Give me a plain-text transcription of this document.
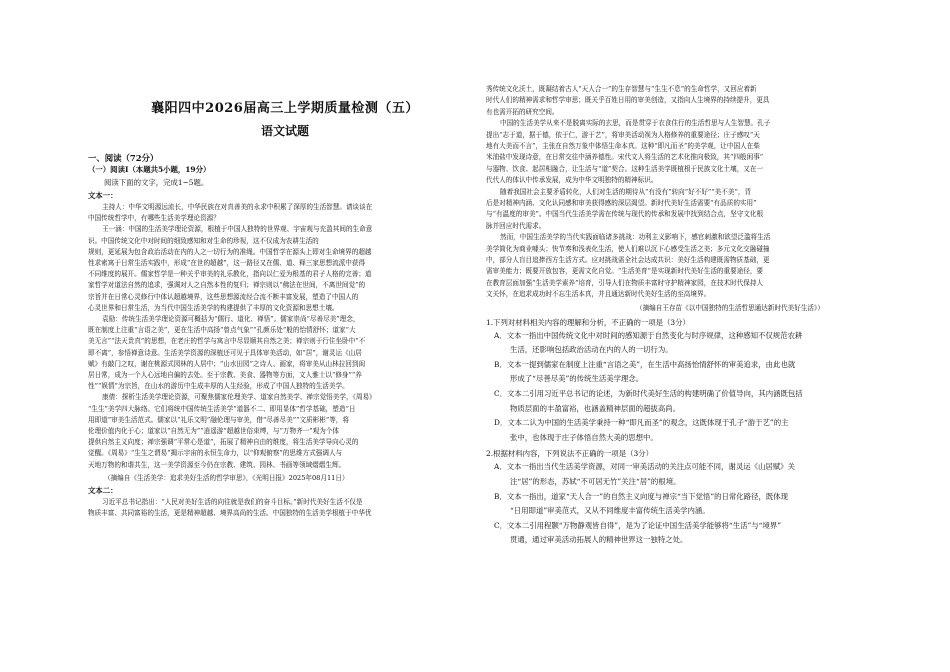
襄阳四中2026届高三上学期质量检测（五）
语文试题
一、阅读（72分）
（一）阅读Ⅰ（本题共5小题，19分）
阅读下面的文字，完成1~5题。
文本一：
主持人：中华文明源远流长，中华民族在对真善美的永求中积累了深厚的生活智慧。请谈谈在
中国传统哲学中，有哪些生活美学理论资源？
王一涵：中国的生活美学理论资源，根植于中国人独特的世界观、宇宙观与充盈其间的生命意
识。中国传统文化中对时间的细致感知和对生命的珍视，这不仅成为农耕生活的
规则，更延展为包含政治活动在内的人之一切行为的准绳。中国哲学在源头上即对生命境界的超越
性求索寓于日常生活实践中，形成“在世的超越”，这一路径又在儒、道、释三家思想流派中获得
不同维度的展开。儒家哲学是一种关乎审美的礼乐教化，指向以仁爱为根基的君子人格的完善；道
家哲学对道法自然的追求，强调对人之自然本性的复归；禅宗则以“佛法在世间，不离世间觉”的
宗旨并在日常心灵修行中体认超越境界，这些思想源流经合流不断丰富发展，塑造了中国人的
心灵世界和日常生活，为当代中国生活美学的构建提供了丰厚的文化资源和思想土壤。
袁励：传统生活美学理论资源可概括为“儒行、道化、禅悟”。儒家崇尚“尽善尽美”理念，
既在制度上注重“言语之美”，更在生活中高扬“曾点气象”“孔颜乐处”般的怡情舒怀；道家“大
美无言”“法天贵真”的思想，在老庄的哲学与寓言中尽显顺其自然之美；禅宗则于行住坐卧中“不
即不离”，参悟禅意诗意。生活美学资源的深植还可见于具体审美活动，如“居”，谢灵运《山居
赋》有敲门之叹，谢在桃源式园林的人居中；“山水田园”之诗人、画家，将审美从山林拉回到闺
居日常，成为一个人心远地自偏的去处。至于宗教、美食、器物等方面，文人雅士以“修身”“养
性”“娱情”为宗旨，在山水的游历中生成丰厚的人生经验，形成了中国人独特的生活美学。
康倩：探析生活美学理论资源，可聚焦儒家伦理美学、道家自然美学、禅宗觉悟美学，《周易》
“生生”美学四大脉络。它们将统中国传统生活美学“道器不二、即用显体”哲学基础，塑造“日
用即道”审美生活范式。儒家以“礼乐文明”融伦理与审美，借“尽善尽美”“文质彬彬”等，将
伦理价值内化于心；道家以“自然无为”“逍遥游”超越世俗束缚，与“万物齐一”观为个体
提供自然主义向度；禅宗强调“平常心是道”，拓展了精神自由的维度，将生活美学导向心灵的
觉醒。《周易》“生生之谓易”揭示宇宙的永恒生命力，以“仰观俯察”的思维方式强调人与
天地万物的和谐共生，这一美学资源至今仍在宗教、建筑、园林、书画等领域熠熠生辉。
（摘编自《生活美学：追求美好生活的哲学审思》，《光明日报》2025年08月11日）
文本二：
习近平总书记指出：“人民对美好生活的向往就是我们的奋斗目标。”新时代美好生活不仅是
物质丰富、共同富裕的生活，更是精神超越、境界高尚的生活。中国独特的生活美学根植于中华优
秀传统文化沃土，既凝结着古人“天人合一”的生存智慧与“生生不息”的生命哲学，又回应着新
时代人们的精神需求和哲学审思；既关乎百姓日用的审美创造，又指向人生境界的持续提升，更具
有也需开拓的研究空间。
中国的生活美学从来不是脱离实际的玄思，而是贯穿于衣食住行的生活哲思与人生智慧。孔子
提出“志于道，据于德，依于仁，游于艺”，将审美活动视为人格修养的重要途径；庄子感叹“天
地有大美而不言”，主张在自然万象中体悟生命本真。这种“即凡而圣”的美学观，让中国人在柴
米油盐中发现诗意，在日常交往中涵养德性。宋代文人将生活的艺术化推向极致，其“四般闲事”
与器物、饮食、起居相融合，让生活与“道”契合。这种生活美学既植根于民族文化土壤，又在一
代代人的体认中传承发展，成为中华文明独特的精神标识。
随着我国社会主要矛盾转化，人们对生活的期待从“有没有”转向“好不好”“美不美”，背
后是对精神内涵、文化认同感和审美获得感的深层渴望。新时代美好生活需要“有品质的实用”
与“有温度的审美”。中国当代生活美学需在传统与现代的传承和发展中找到结合点，坚守文化根
脉并回应时代需求。
然而，中国生活美学的当代实践面临诸多挑战：功利主义影响下，感官刺激和欲望泛滥将生活
美学简化为商业噱头；快节奏和浅表化生活，使人们难以沉下心感受生活之美；多元文化交融碰撞
中，部分人盲目追捧西方生活方式。应对挑战需全社会达成共识：美好生活构建既需物质基础，更
需审美能力；既要开放包容，更需文化自觉。“生活美育”是实现新时代美好生活的重要途径，要
在教育层面加强“生活美学素养”培育，引导人们在物质丰富时守护精神家园，在技术时代保持人
文关怀，在追求成功时不忘生活本真，并且通达新时代美好生活的至高境界。
（摘编自王存苗《以中国独特的生活哲思通达新时代美好生活》）
1.下列对材料相关内容的理解和分析，不正确的一项是（3分）
A．文本一指出中国传统文化中对时间的感知源于自然变化与时序规律，这种感知不仅规范农耕
生活，还影响包括政治活动在内的人的一切行为。
B．文本一提到儒家在制度上注重“言语之美”，在生活中高扬怡情舒怀的审美追求，由此也就
形成了“尽善尽美”的传统生活美学理念。
C．文本二引用习近平总书记的论述，为新时代美好生活的构建明确了价值导向，其内涵既包括
物质层面的丰盈富裕，也涵盖精神层面的超拔高尚。
D．文本二认为中国的生活美学秉持一种“即凡而圣”的观念，这既体现于孔子“游于艺”的主
张中，也体现于庄子体悟自然大美的思想中。
2.根据材料内容，下列说法不正确的一项是（3分）
A．文本一指出当代生活美学资源，对同一审美活动的关注点可能不同，谢灵运《山居赋》关
注“居”的形态，苏轼“不可居无竹”关注“居”的根境。
B．文本一指出，道家“天人合一”的自然主义向度与禅宗“当下觉悟”的日常化路径，既体现
“日用即道”审美范式，又从不同维度丰富传统生活美学内涵。
C．文本二引用程颢“万物静观皆自得”，是为了论证中国生活美学能够将“生活”与“境界”
贯通，通过审美活动拓展人的精神世界这一独特之处。
